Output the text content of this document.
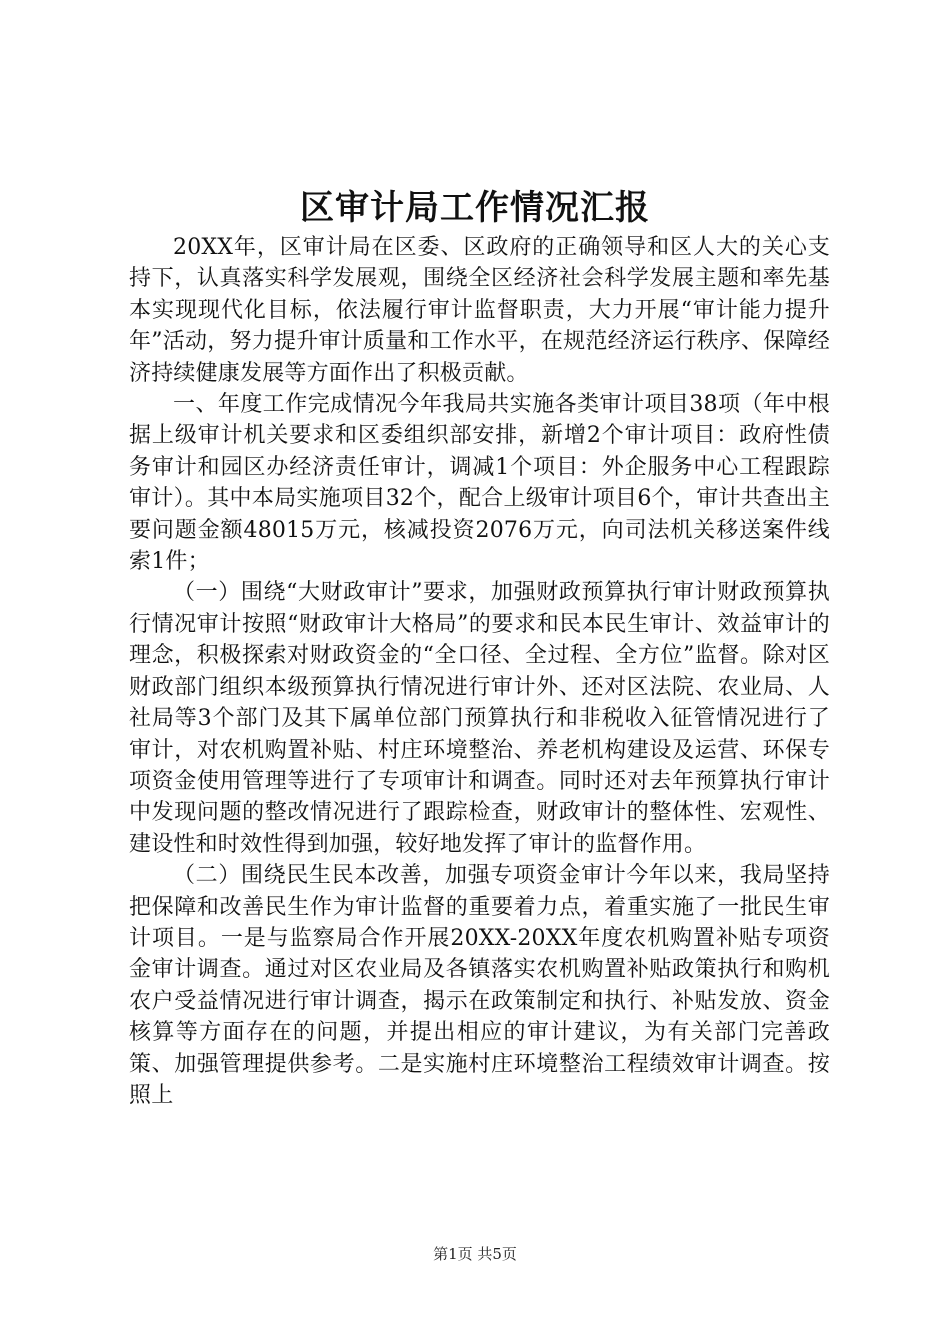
区审计局工作情况汇报

20XX年，区审计局在区委、区政府的正确领导和区人大的关心支持下，认真落实科学发展观，围绕全区经济社会科学发展主题和率先基本实现现代化目标，依法履行审计监督职责，大力开展“审计能力提升年”活动，努力提升审计质量和工作水平，在规范经济运行秩序、保障经济持续健康发展等方面作出了积极贡献。

一、年度工作完成情况今年我局共实施各类审计项目38项（年中根据上级审计机关要求和区委组织部安排，新增2个审计项目：政府性债务审计和园区办经济责任审计，调减1个项目：外企服务中心工程跟踪审计）。其中本局实施项目32个，配合上级审计项目6个，审计共查出主要问题金额48015万元，核减投资2076万元，向司法机关移送案件线索1件；

（一）围绕“大财政审计”要求，加强财政预算执行审计财政预算执行情况审计按照“财政审计大格局”的要求和民本民生审计、效益审计的理念，积极探索对财政资金的“全口径、全过程、全方位”监督。除对区财政部门组织本级预算执行情况进行审计外、还对区法院、农业局、人社局等3个部门及其下属单位部门预算执行和非税收入征管情况进行了审计，对农机购置补贴、村庄环境整治、养老机构建设及运营、环保专项资金使用管理等进行了专项审计和调查。同时还对去年预算执行审计中发现问题的整改情况进行了跟踪检查，财政审计的整体性、宏观性、建设性和时效性得到加强，较好地发挥了审计的监督作用。

（二）围绕民生民本改善，加强专项资金审计今年以来，我局坚持把保障和改善民生作为审计监督的重要着力点，着重实施了一批民生审计项目。一是与监察局合作开展20XX-20XX年度农机购置补贴专项资金审计调查。通过对区农业局及各镇落实农机购置补贴政策执行和购机农户受益情况进行审计调查，揭示在政策制定和执行、补贴发放、资金核算等方面存在的问题，并提出相应的审计建议，为有关部门完善政策、加强管理提供参考。二是实施村庄环境整治工程绩效审计调查。按照上

第1页 共5页
